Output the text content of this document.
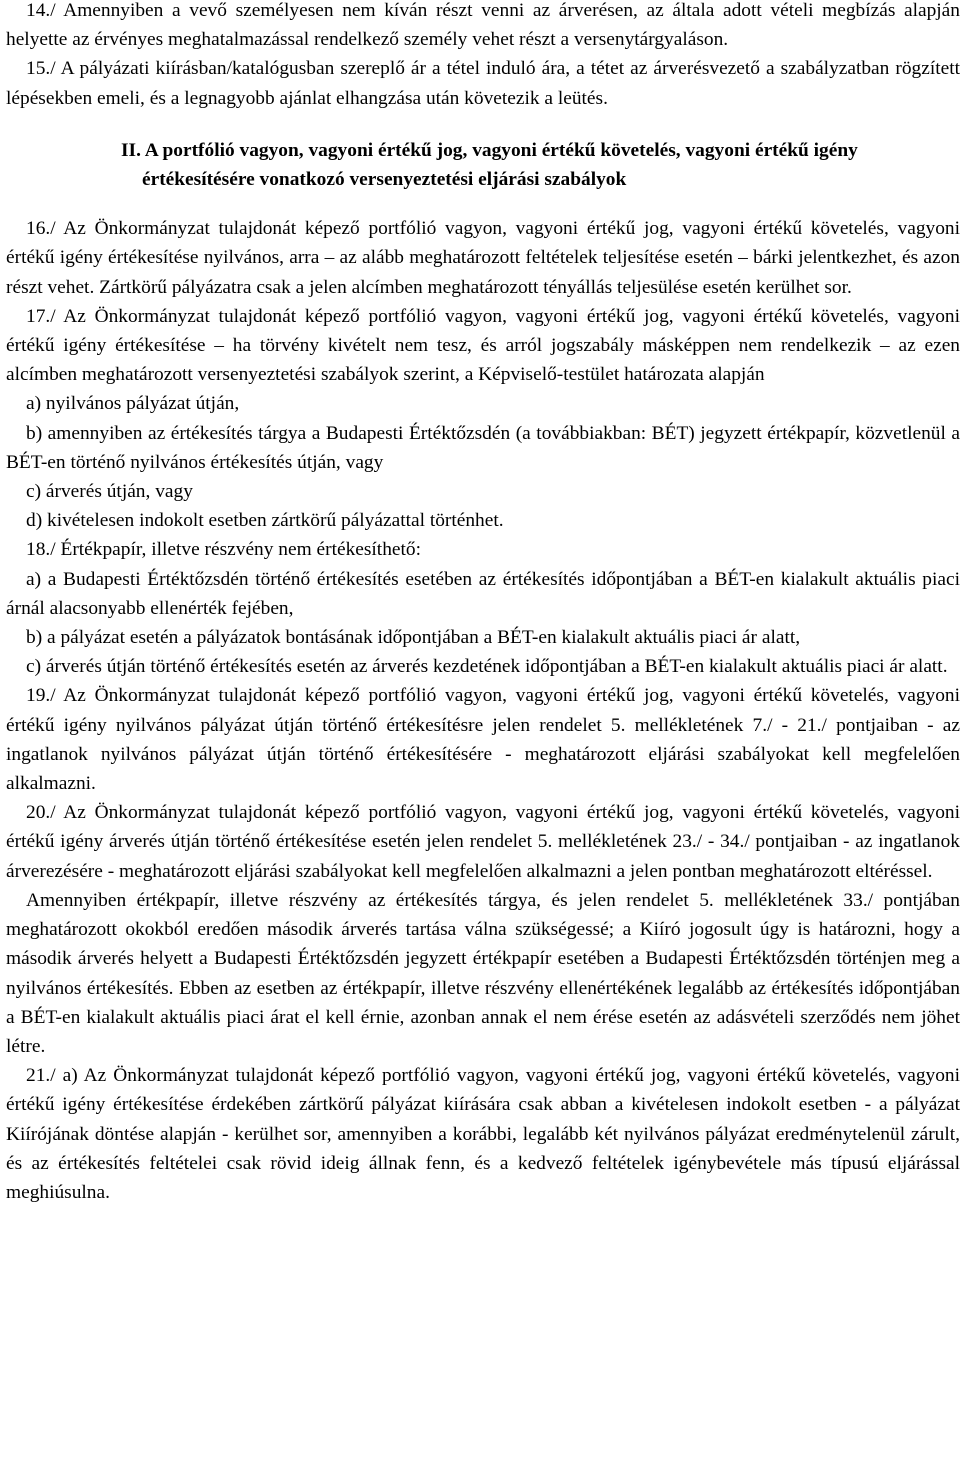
14./ Amennyiben a vevő személyesen nem kíván részt venni az árverésen, az általa adott vételi megbízás alapján helyette az érvényes meghatalmazással rendelkező személy vehet részt a versenytárgyaláson.

15./ A pályázati kiírásban/katalógusban szereplő ár a tétel induló ára, a tétet az árverésvezető a szabályzatban rögzített lépésekben emeli, és a legnagyobb ajánlat elhangzása után követezik a leütés.

II. A portfólió vagyon, vagyoni értékű jog, vagyoni értékű követelés, vagyoni értékű igény értékesítésére vonatkozó versenyeztetési eljárási szabályok

16./ Az Önkormányzat tulajdonát képező portfólió vagyon, vagyoni értékű jog, vagyoni értékű követelés, vagyoni értékű igény értékesítése nyilvános, arra – az alább meghatározott feltételek teljesítése esetén – bárki jelentkezhet, és azon részt vehet. Zártkörű pályázatra csak a jelen alcímben meghatározott tényállás teljesülése esetén kerülhet sor.

17./ Az Önkormányzat tulajdonát képező portfólió vagyon, vagyoni értékű jog, vagyoni értékű követelés, vagyoni értékű igény értékesítése – ha törvény kivételt nem tesz, és arról jogszabály másképpen nem rendelkezik – az ezen alcímben meghatározott versenyeztetési szabályok szerint, a Képviselő-testület határozata alapján

a) nyilvános pályázat útján,

b) amennyiben az értékesítés tárgya a Budapesti Értéktőzsdén (a továbbiakban: BÉT) jegyzett értékpapír, közvetlenül a BÉT-en történő nyilvános értékesítés útján, vagy

c) árverés útján, vagy

d) kivételesen indokolt esetben zártkörű pályázattal történhet.

18./ Értékpapír, illetve részvény nem értékesíthető:

a) a Budapesti Értéktőzsdén történő értékesítés esetében az értékesítés időpontjában a BÉT-en kialakult aktuális piaci árnál alacsonyabb ellenérték fejében,

b) a pályázat esetén a pályázatok bontásának időpontjában a BÉT-en kialakult aktuális piaci ár alatt,

c) árverés útján történő értékesítés esetén az árverés kezdetének időpontjában a BÉT-en kialakult aktuális piaci ár alatt.

19./ Az Önkormányzat tulajdonát képező portfólió vagyon, vagyoni értékű jog, vagyoni értékű követelés, vagyoni értékű igény nyilvános pályázat útján történő értékesítésre jelen rendelet 5. mellékletének 7./ - 21./ pontjaiban - az ingatlanok nyilvános pályázat útján történő értékesítésére - meghatározott eljárási szabályokat kell megfelelően alkalmazni.

20./ Az Önkormányzat tulajdonát képező portfólió vagyon, vagyoni értékű jog, vagyoni értékű követelés, vagyoni értékű igény árverés útján történő értékesítése esetén jelen rendelet 5. mellékletének 23./ - 34./ pontjaiban - az ingatlanok árverezésére - meghatározott eljárási szabályokat kell megfelelően alkalmazni a jelen pontban meghatározott eltéréssel.

Amennyiben értékpapír, illetve részvény az értékesítés tárgya, és jelen rendelet 5. mellékletének 33./ pontjában meghatározott okokból eredően második árverés tartása válna szükségessé; a Kiíró jogosult úgy is határozni, hogy a második árverés helyett a Budapesti Értéktőzsdén jegyzett értékpapír esetében a Budapesti Értéktőzsdén történjen meg a nyilvános értékesítés. Ebben az esetben az értékpapír, illetve részvény ellenértékének legalább az értékesítés időpontjában a BÉT-en kialakult aktuális piaci árat el kell érnie, azonban annak el nem érése esetén az adásvételi szerződés nem jöhet létre.

21./ a) Az Önkormányzat tulajdonát képező portfólió vagyon, vagyoni értékű jog, vagyoni értékű követelés, vagyoni értékű igény értékesítése érdekében zártkörű pályázat kiírására csak abban a kivételesen indokolt esetben - a pályázat Kiírójának döntése alapján - kerülhet sor, amennyiben a korábbi, legalább két nyilvános pályázat eredménytelenül zárult, és az értékesítés feltételei csak rövid ideig állnak fenn, és a kedvező feltételek igénybevétele más típusú eljárással meghiúsulna.
